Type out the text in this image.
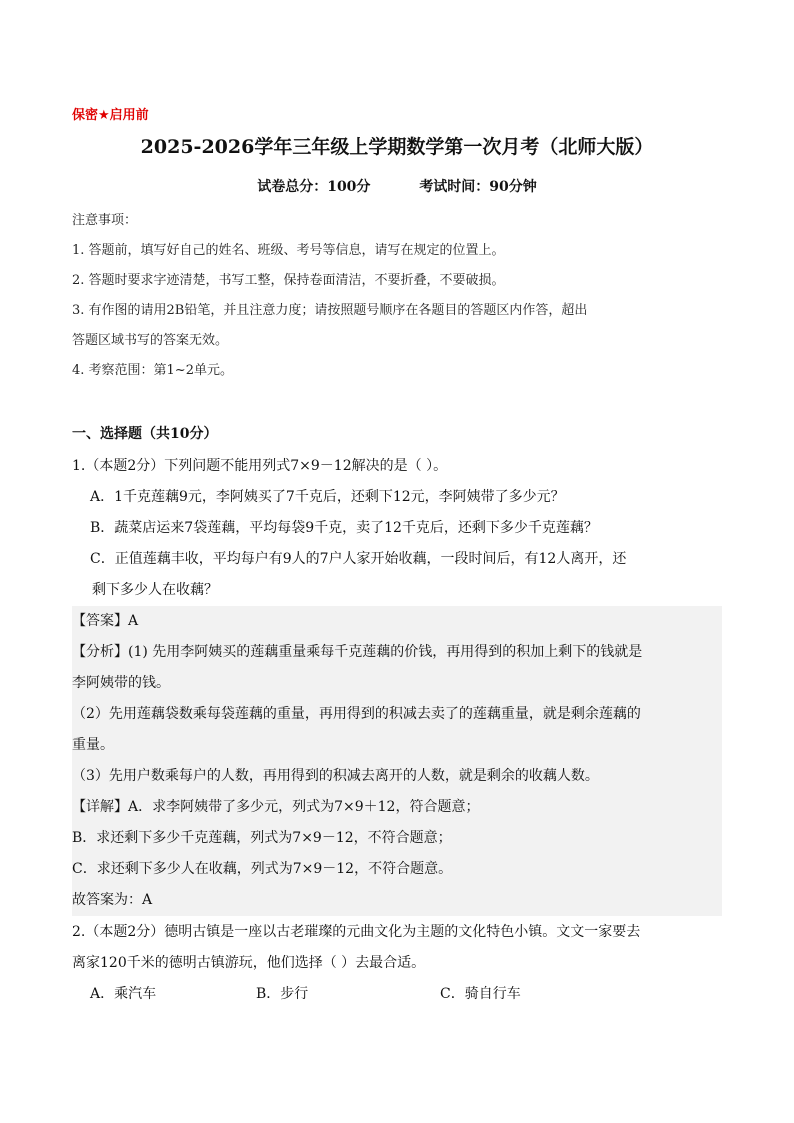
保密★启用前
2025-2026学年三年级上学期数学第一次月考（北师大版）
试卷总分：100分	考试时间：90分钟
注意事项：
1. 答题前，填写好自己的姓名、班级、考号等信息，请写在规定的位置上。
2. 答题时要求字迹清楚，书写工整，保持卷面清洁，不要折叠，不要破损。
3. 有作图的请用2B铅笔，并且注意力度；请按照题号顺序在各题目的答题区内作答，超出
答题区域书写的答案无效。
4. 考察范围：第1~2单元。
一、选择题（共10分）
1.（本题2分）下列问题不能用列式7×9－12解决的是（ ）。
A．1千克莲藕9元，李阿姨买了7千克后，还剩下12元，李阿姨带了多少元？
B．蔬菜店运来7袋莲藕，平均每袋9千克，卖了12千克后，还剩下多少千克莲藕？
C．正值莲藕丰收，平均每户有9人的7户人家开始收藕，一段时间后，有12人离开，还
剩下多少人在收藕？
【答案】A
【分析】(1) 先用李阿姨买的莲藕重量乘每千克莲藕的价钱，再用得到的积加上剩下的钱就是
李阿姨带的钱。
（2）先用莲藕袋数乘每袋莲藕的重量，再用得到的积减去卖了的莲藕重量，就是剩余莲藕的
重量。
（3）先用户数乘每户的人数，再用得到的积减去离开的人数，就是剩余的收藕人数。
【详解】A．求李阿姨带了多少元，列式为7×9＋12，符合题意；
B．求还剩下多少千克莲藕，列式为7×9－12，不符合题意；
C．求还剩下多少人在收藕，列式为7×9－12，不符合题意。
故答案为：A
2.（本题2分）德明古镇是一座以古老璀璨的元曲文化为主题的文化特色小镇。文文一家要去
离家120千米的德明古镇游玩，他们选择（ ）去最合适。
A．乘汽车	B．步行	C．骑自行车
